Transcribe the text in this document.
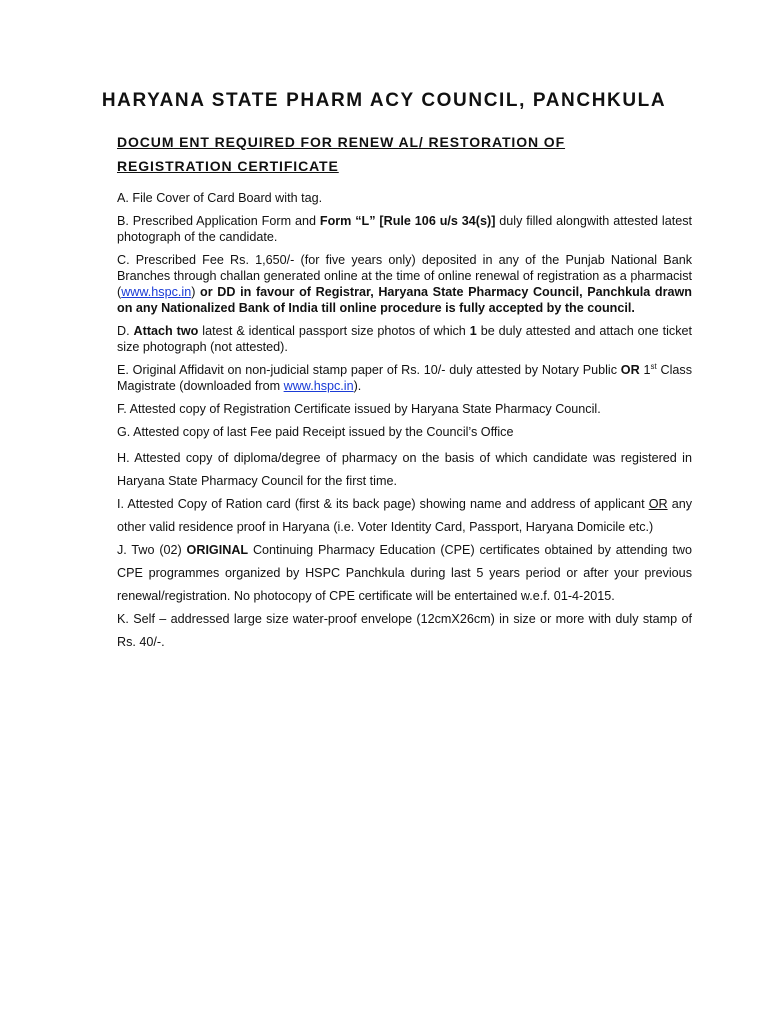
HARYANA STATE PHARM ACY COUNCIL, PANCHKULA
DOCUM ENT REQUIRED FOR RENEW AL/ RESTORATION OF REGISTRATION CERTIFICATE

A. File Cover of Card Board with tag.

B. Prescribed Application Form and Form “L” [Rule 106 u/s 34(s)] duly filled alongwith attested latest photograph of the candidate.

C. Prescribed Fee Rs. 1,650/- (for five years only) deposited in any of the Punjab National Bank Branches through challan generated online at the time of online renewal of registration as a pharmacist (www.hspc.in) or DD in favour of Registrar, Haryana State Pharmacy Council, Panchkula drawn on any Nationalized Bank of India till online procedure is fully accepted by the council.

D. Attach two latest & identical passport size photos of which 1 be duly attested and attach one ticket size photograph (not attested).

E. Original Affidavit on non-judicial stamp paper of Rs. 10/- duly attested by Notary Public OR 1st Class Magistrate (downloaded from www.hspc.in).

F. Attested copy of Registration Certificate issued by Haryana State Pharmacy Council.

G. Attested copy of last Fee paid Receipt issued by the Council’s Office

H. Attested copy of diploma/degree of pharmacy on the basis of which candidate was registered in Haryana State Pharmacy Council for the first time.

I. Attested Copy of Ration card (first & its back page) showing name and address of applicant OR any other valid residence proof in Haryana (i.e. Voter Identity Card, Passport, Haryana Domicile etc.)

J. Two (02) ORIGINAL Continuing Pharmacy Education (CPE) certificates obtained by attending two CPE programmes organized by HSPC Panchkula during last 5 years period or after your previous renewal/registration. No photocopy of CPE certificate will be entertained w.e.f. 01-4-2015.

K. Self – addressed large size water-proof envelope (12cmX26cm) in size or more with duly stamp of Rs. 40/-.
